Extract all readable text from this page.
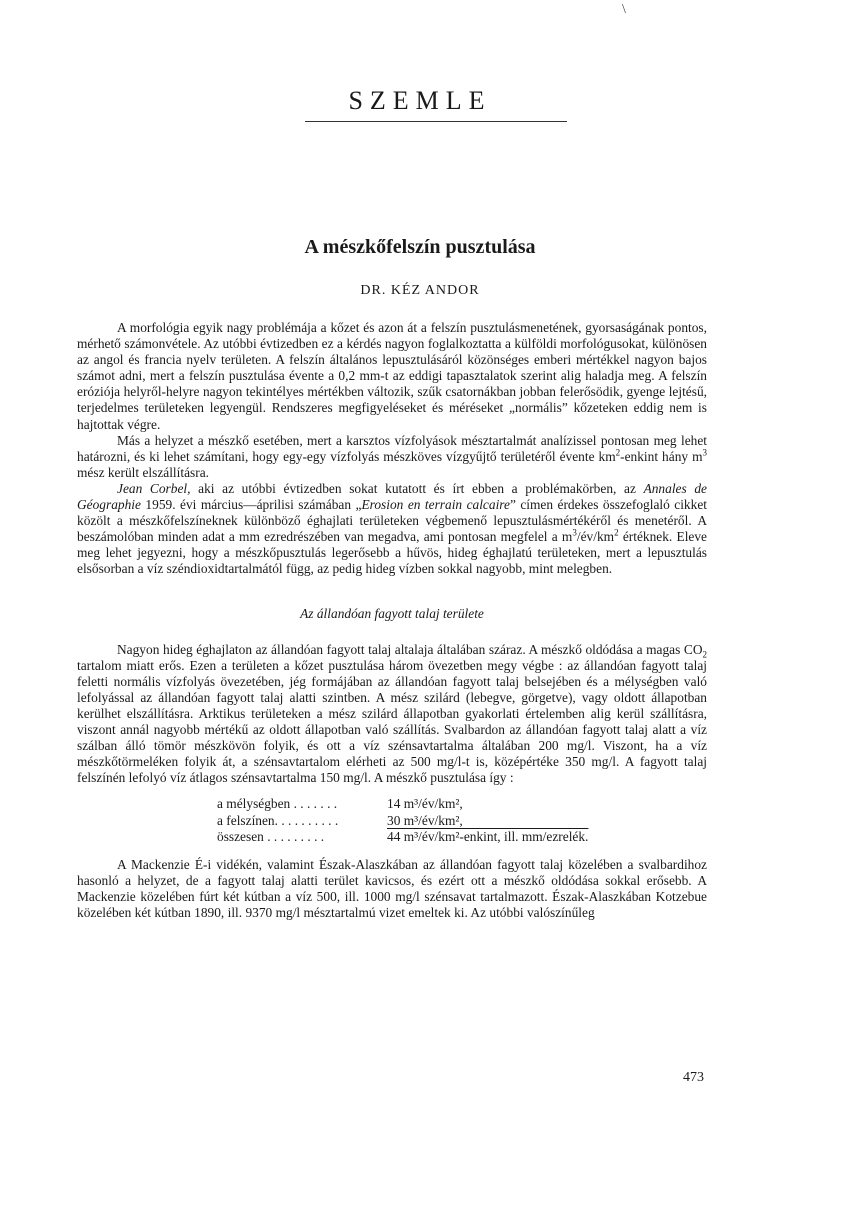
\
SZEMLE
A mészkőfelszín pusztulása
DR. KÉZ ANDOR

A morfológia egyik nagy problémája a kőzet és azon át a felszín pusztulásmenetének, gyorsaságának pontos, mérhető számonvétele. Az utóbbi évtizedben ez a kérdés nagyon foglalkoztatta a külföldi morfológusokat, különösen az angol és francia nyelv területen. A felszín általános lepusztulásáról közönséges emberi mértékkel nagyon bajos számot adni, mert a felszín pusztulása évente a 0,2 mm-t az eddigi tapasztalatok szerint alig haladja meg. A felszín eróziója helyről-helyre nagyon tekintélyes mértékben változik, szűk csatornákban jobban felerősödik, gyenge lejtésű, terjedelmes területeken legyengül. Rendszeres megfigyeléseket és méréseket „normális” kőzeteken eddig nem is hajtottak végre.

Más a helyzet a mészkő esetében, mert a karsztos vízfolyások mésztartalmát analízissel pontosan meg lehet határozni, és ki lehet számítani, hogy egy-egy vízfolyás mészköves vízgyűjtő területéről évente $km^2$-enkint hány $m^3$ mész került elszállításra.

Jean Corbel, aki az utóbbi évtizedben sokat kutatott és írt ebben a problémakörben, az Annales de Géographie 1959. évi március—áprilisi számában „Erosion en terrain calcaire” címen érdekes összefoglaló cikket közölt a mészkőfelszíneknek különböző éghajlati területeken végbemenő lepusztulásmértékéről és menetéről. A beszámolóban minden adat a mm ezredrészében van megadva, ami pontosan megfelel a $m^3/év/km^2$ értéknek. Eleve meg lehet jegyezni, hogy a mészkőpusztulás legerősebb a hűvös, hideg éghajlatú területeken, mert a lepusztulás elsősorban a víz széndioxidtartalmától függ, az pedig hideg vízben sokkal nagyobb, mint melegben.

Az állandóan fagyott talaj területe

Nagyon hideg éghajlaton az állandóan fagyott talaj altalaja általában száraz. A mészkő oldódása a magas $CO_2$ tartalom miatt erős. Ezen a területen a kőzet pusztulása három övezetben megy végbe : az állandóan fagyott talaj feletti normális vízfolyás övezetében, jég formájában az állandóan fagyott talaj belsejében és a mélységben való lefolyással az állandóan fagyott talaj alatti szintben. A mész szilárd (lebegve, görgetve), vagy oldott állapotban kerülhet elszállításra. Arktikus területeken a mész szilárd állapotban gyakorlati értelemben alig kerül szállításra, viszont annál nagyobb mértékű az oldott állapotban való szállítás. Svalbardon az állandóan fagyott talaj alatt a víz szálban álló tömör mészkövön folyik, és ott a víz szénsavtartalma általában 200 mg/l. Viszont, ha a víz mészkőtörmeléken folyik át, a szénsavtartalom elérheti az 500 mg/l-t is, középértéke 350 mg/l. A fagyott talaj felszínén lefolyó víz átlagos szénsavtartalma 150 mg/l. A mészkő pusztulása így :

a mélységben . . . . . . .	14 m³/év/km²,
a felszínen. . . . . . . . . .	30 m³/év/km²,
összesen . . . . . . . . .	44 m³/év/km²-enkint, ill. mm/ezrelék.

A Mackenzie É-i vidékén, valamint Észak-Alaszkában az állandóan fagyott talaj közelében a svalbardihoz hasonló a helyzet, de a fagyott talaj alatti terület kavicsos, és ezért ott a mészkő oldódása sokkal erősebb. A Mackenzie közelében fúrt két kútban a víz 500, ill. 1000 mg/l szénsavat tartalmazott. Észak-Alaszkában Kotzebue közelében két kútban 1890, ill. 9370 mg/l mésztartalmú vizet emeltek ki. Az utóbbi valószínűleg

473
